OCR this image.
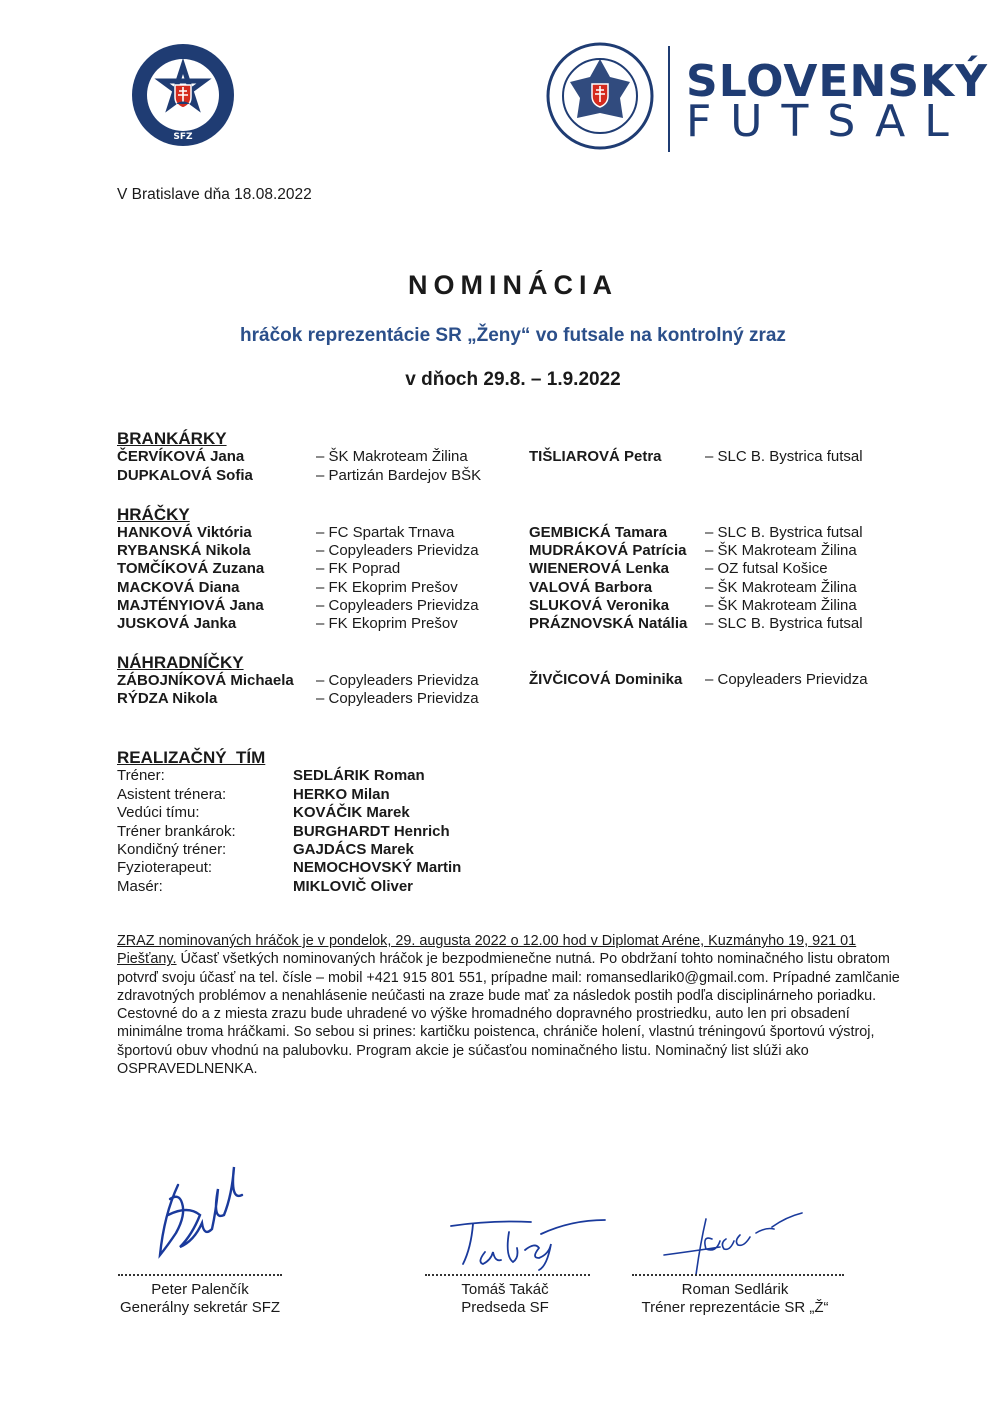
SFZ
SLOVENSKÝ
FUTSAL
V Bratislave dňa 18.08.2022
NOMINÁCIA
hráčok reprezentácie SR „Ženy“ vo futsale na kontrolný zraz
v dňoch 29.8. – 1.9.2022
BRANKÁRKY
ČERVÍKOVÁ Jana	– ŠK Makroteam Žilina
DUPKALOVÁ Sofia	– Partizán Bardejov BŠK
TIŠLIAROVÁ Petra	– SLC B. Bystrica futsal
HRÁČKY
HANKOVÁ Viktória	– FC Spartak Trnava
RYBANSKÁ Nikola	– Copyleaders Prievidza
TOMČÍKOVÁ Zuzana	– FK Poprad
MACKOVÁ Diana	– FK Ekoprim Prešov
MAJTÉNYIOVÁ Jana	– Copyleaders Prievidza
JUSKOVÁ Janka	– FK Ekoprim Prešov
GEMBICKÁ Tamara	– SLC B. Bystrica futsal
MUDRÁKOVÁ Patrícia – ŠK Makroteam Žilina
WIENEROVÁ Lenka – OZ futsal Košice
VALOVÁ Barbora	– ŠK Makroteam Žilina
SLUKOVÁ Veronika – ŠK Makroteam Žilina
PRÁZNOVSKÁ Natália – SLC B. Bystrica futsal
NÁHRADNÍČKY
ZÁBOJNÍKOVÁ Michaela – Copyleaders Prievidza
RÝDZA Nikola	– Copyleaders Prievidza
ŽIVČICOVÁ Dominika – Copyleaders Prievidza
REALIZAČNÝ  TÍM
Tréner:	SEDLÁRIK Roman
Asistent trénera:	HERKO Milan
Vedúci tímu:	KOVÁČIK Marek
Tréner brankárok:	BURGHARDT Henrich
Kondičný tréner:	GAJDÁCS Marek
Fyzioterapeut:	NEMOCHOVSKÝ Martin
Masér:	MIKLOVIČ Oliver
ZRAZ nominovaných hráčok je v pondelok, 29. augusta 2022 o 12.00 hod v Diplomat Aréne, Kuzmányho 19, 921 01 Piešťany. Účasť všetkých nominovaných hráčok je bezpodmienečne nutná. Po obdržaní tohto nominačného listu obratom potvrď svoju účasť na tel. čísle – mobil +421 915 801 551, prípadne mail: romansedlarik0@gmail.com. Prípadné zamlčanie zdravotných problémov a nenahlásenie neúčasti na zraze bude mať za následok postih podľa disciplinárneho poriadku. Cestovné do a z miesta zrazu bude uhradené vo výške hromadného dopravného prostriedku, auto len pri obsadení minimálne troma hráčkami. So sebou si prines: kartičku poistenca, chrániče holení, vlastnú tréningovú športovú výstroj, športovú obuv vhodnú na palubovku. Program akcie je súčasťou nominačného listu. Nominačný list slúži ako OSPRAVEDLNENKA.
Peter Palenčík
Generálny sekretár SFZ
Tomáš Takáč
Predseda SF
Roman Sedlárik
Tréner reprezentácie SR „Ž“
